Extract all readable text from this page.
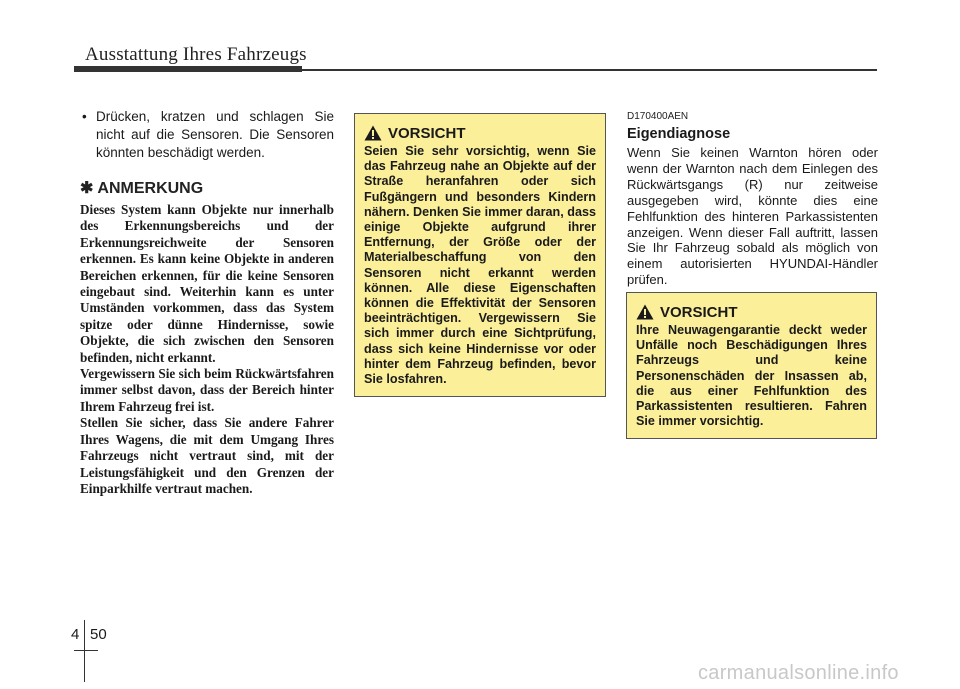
Ausstattung Ihres Fahrzeugs
• Drücken, kratzen und schlagen Sie nicht auf die Sensoren. Die Sensoren könnten beschädigt werden.
✱ ANMERKUNG
Dieses System kann Objekte nur innerhalb des Erkennungsbereichs und der Erkennungsreichweite der Sensoren erkennen. Es kann keine Objekte in anderen Bereichen erkennen, für die keine Sensoren eingebaut sind. Weiterhin kann es unter Umständen vorkommen, dass das System spitze oder dünne Hindernisse, sowie Objekte, die sich zwischen den Sensoren befinden, nicht erkannt.
Vergewissern Sie sich beim Rückwärtsfahren immer selbst davon, dass der Bereich hinter Ihrem Fahrzeug frei ist.
Stellen Sie sicher, dass Sie andere Fahrer Ihres Wagens, die mit dem Umgang Ihres Fahrzeugs nicht vertraut sind, mit der Leistungsfähigkeit und den Grenzen der Einparkhilfe vertraut machen.
VORSICHT
Seien Sie sehr vorsichtig, wenn Sie das Fahrzeug nahe an Objekte auf der Straße heranfahren oder sich Fußgängern und besonders Kindern nähern. Denken Sie immer daran, dass einige Objekte aufgrund ihrer Entfernung, der Größe oder der Materialbeschaffung von den Sensoren nicht erkannt werden können. Alle diese Eigenschaften können die Effektivität der Sensoren beeinträchtigen. Vergewissern Sie sich immer durch eine Sichtprüfung, dass sich keine Hindernisse vor oder hinter dem Fahrzeug befinden, bevor Sie losfahren.
D170400AEN
Eigendiagnose
Wenn Sie keinen Warnton hören oder wenn der Warnton nach dem Einlegen des Rückwärtsgangs (R) nur zeitweise ausgegeben wird, könnte dies eine Fehlfunktion des hinteren Parkassistenten anzeigen. Wenn dieser Fall auftritt, lassen Sie Ihr Fahrzeug sobald als möglich von einem autorisierten HYUNDAI-Händler prüfen.
VORSICHT
Ihre Neuwagengarantie deckt weder Unfälle noch Beschädigungen Ihres Fahrzeugs und keine Personenschäden der Insassen ab, die aus einer Fehlfunktion des Parkassistenten resultieren. Fahren Sie immer vorsichtig.
4 50
carmanualsonline.info
